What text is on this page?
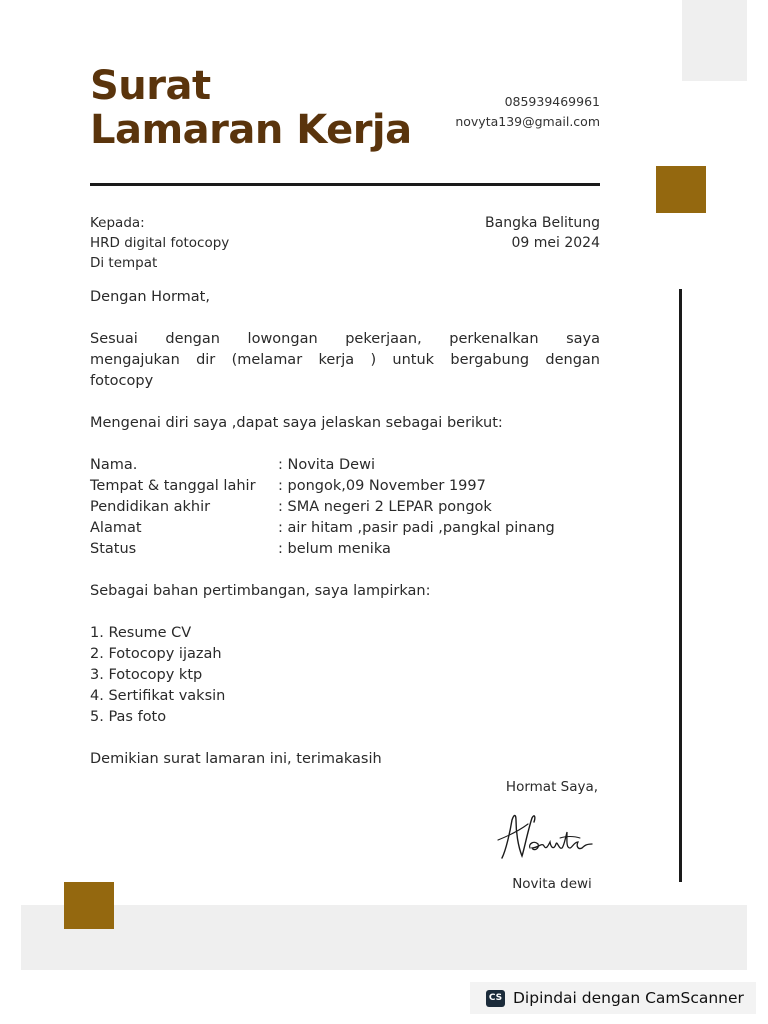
Surat
Lamaran Kerja
085939469961
novyta139@gmail.com
Kepada:
HRD digital fotocopy
Di tempat
Bangka Belitung
09 mei 2024
Dengan Hormat,
Sesuai dengan lowongan pekerjaan, perkenalkan saya
mengajukan dir (melamar kerja ) untuk bergabung dengan
fotocopy
Mengenai diri saya ,dapat saya jelaskan sebagai berikut:
Nama.	: Novita Dewi
Tempat & tanggal lahir	: pongok,09 November 1997
Pendidikan akhir	: SMA negeri 2 LEPAR pongok
Alamat	: air hitam ,pasir padi ,pangkal pinang
Status	: belum menika
Sebagai bahan pertimbangan, saya lampirkan:
1. Resume CV
2. Fotocopy ijazah
3. Fotocopy ktp
4. Sertifikat vaksin
5. Pas foto
Demikian surat lamaran ini, terimakasih
Hormat Saya,
Novita
Novita dewi
CS Dipindai dengan CamScanner
